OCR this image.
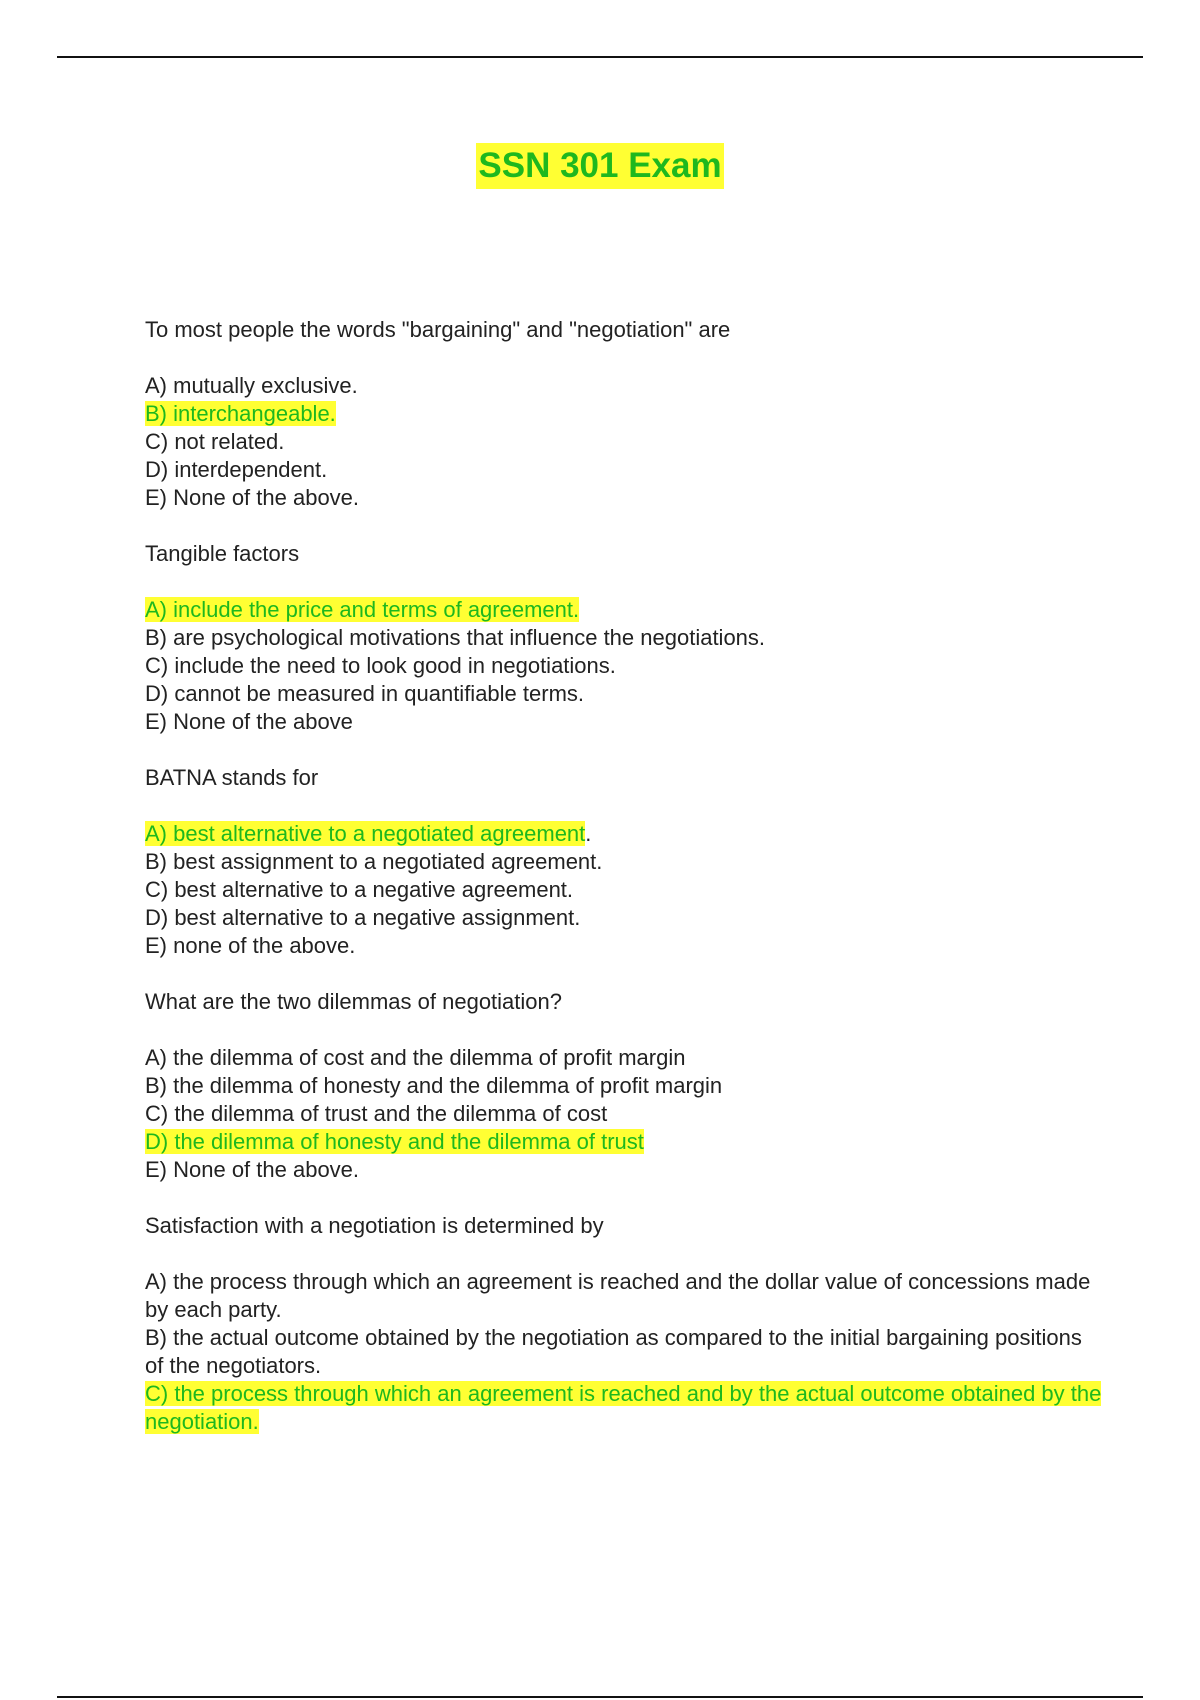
SSN 301 Exam
To most people the words "bargaining" and "negotiation" are
A) mutually exclusive.
B) interchangeable.
C) not related.
D) interdependent.
E) None of the above.
Tangible factors
A) include the price and terms of agreement.
B) are psychological motivations that influence the negotiations.
C) include the need to look good in negotiations.
D) cannot be measured in quantifiable terms.
E) None of the above
BATNA stands for
A) best alternative to a negotiated agreement.
B) best assignment to a negotiated agreement.
C) best alternative to a negative agreement.
D) best alternative to a negative assignment.
E) none of the above.
What are the two dilemmas of negotiation?
A) the dilemma of cost and the dilemma of profit margin
B) the dilemma of honesty and the dilemma of profit margin
C) the dilemma of trust and the dilemma of cost
D) the dilemma of honesty and the dilemma of trust
E) None of the above.
Satisfaction with a negotiation is determined by
A) the process through which an agreement is reached and the dollar value of concessions made by each party.
B) the actual outcome obtained by the negotiation as compared to the initial bargaining positions of the negotiators.
C) the process through which an agreement is reached and by the actual outcome obtained by the negotiation.
